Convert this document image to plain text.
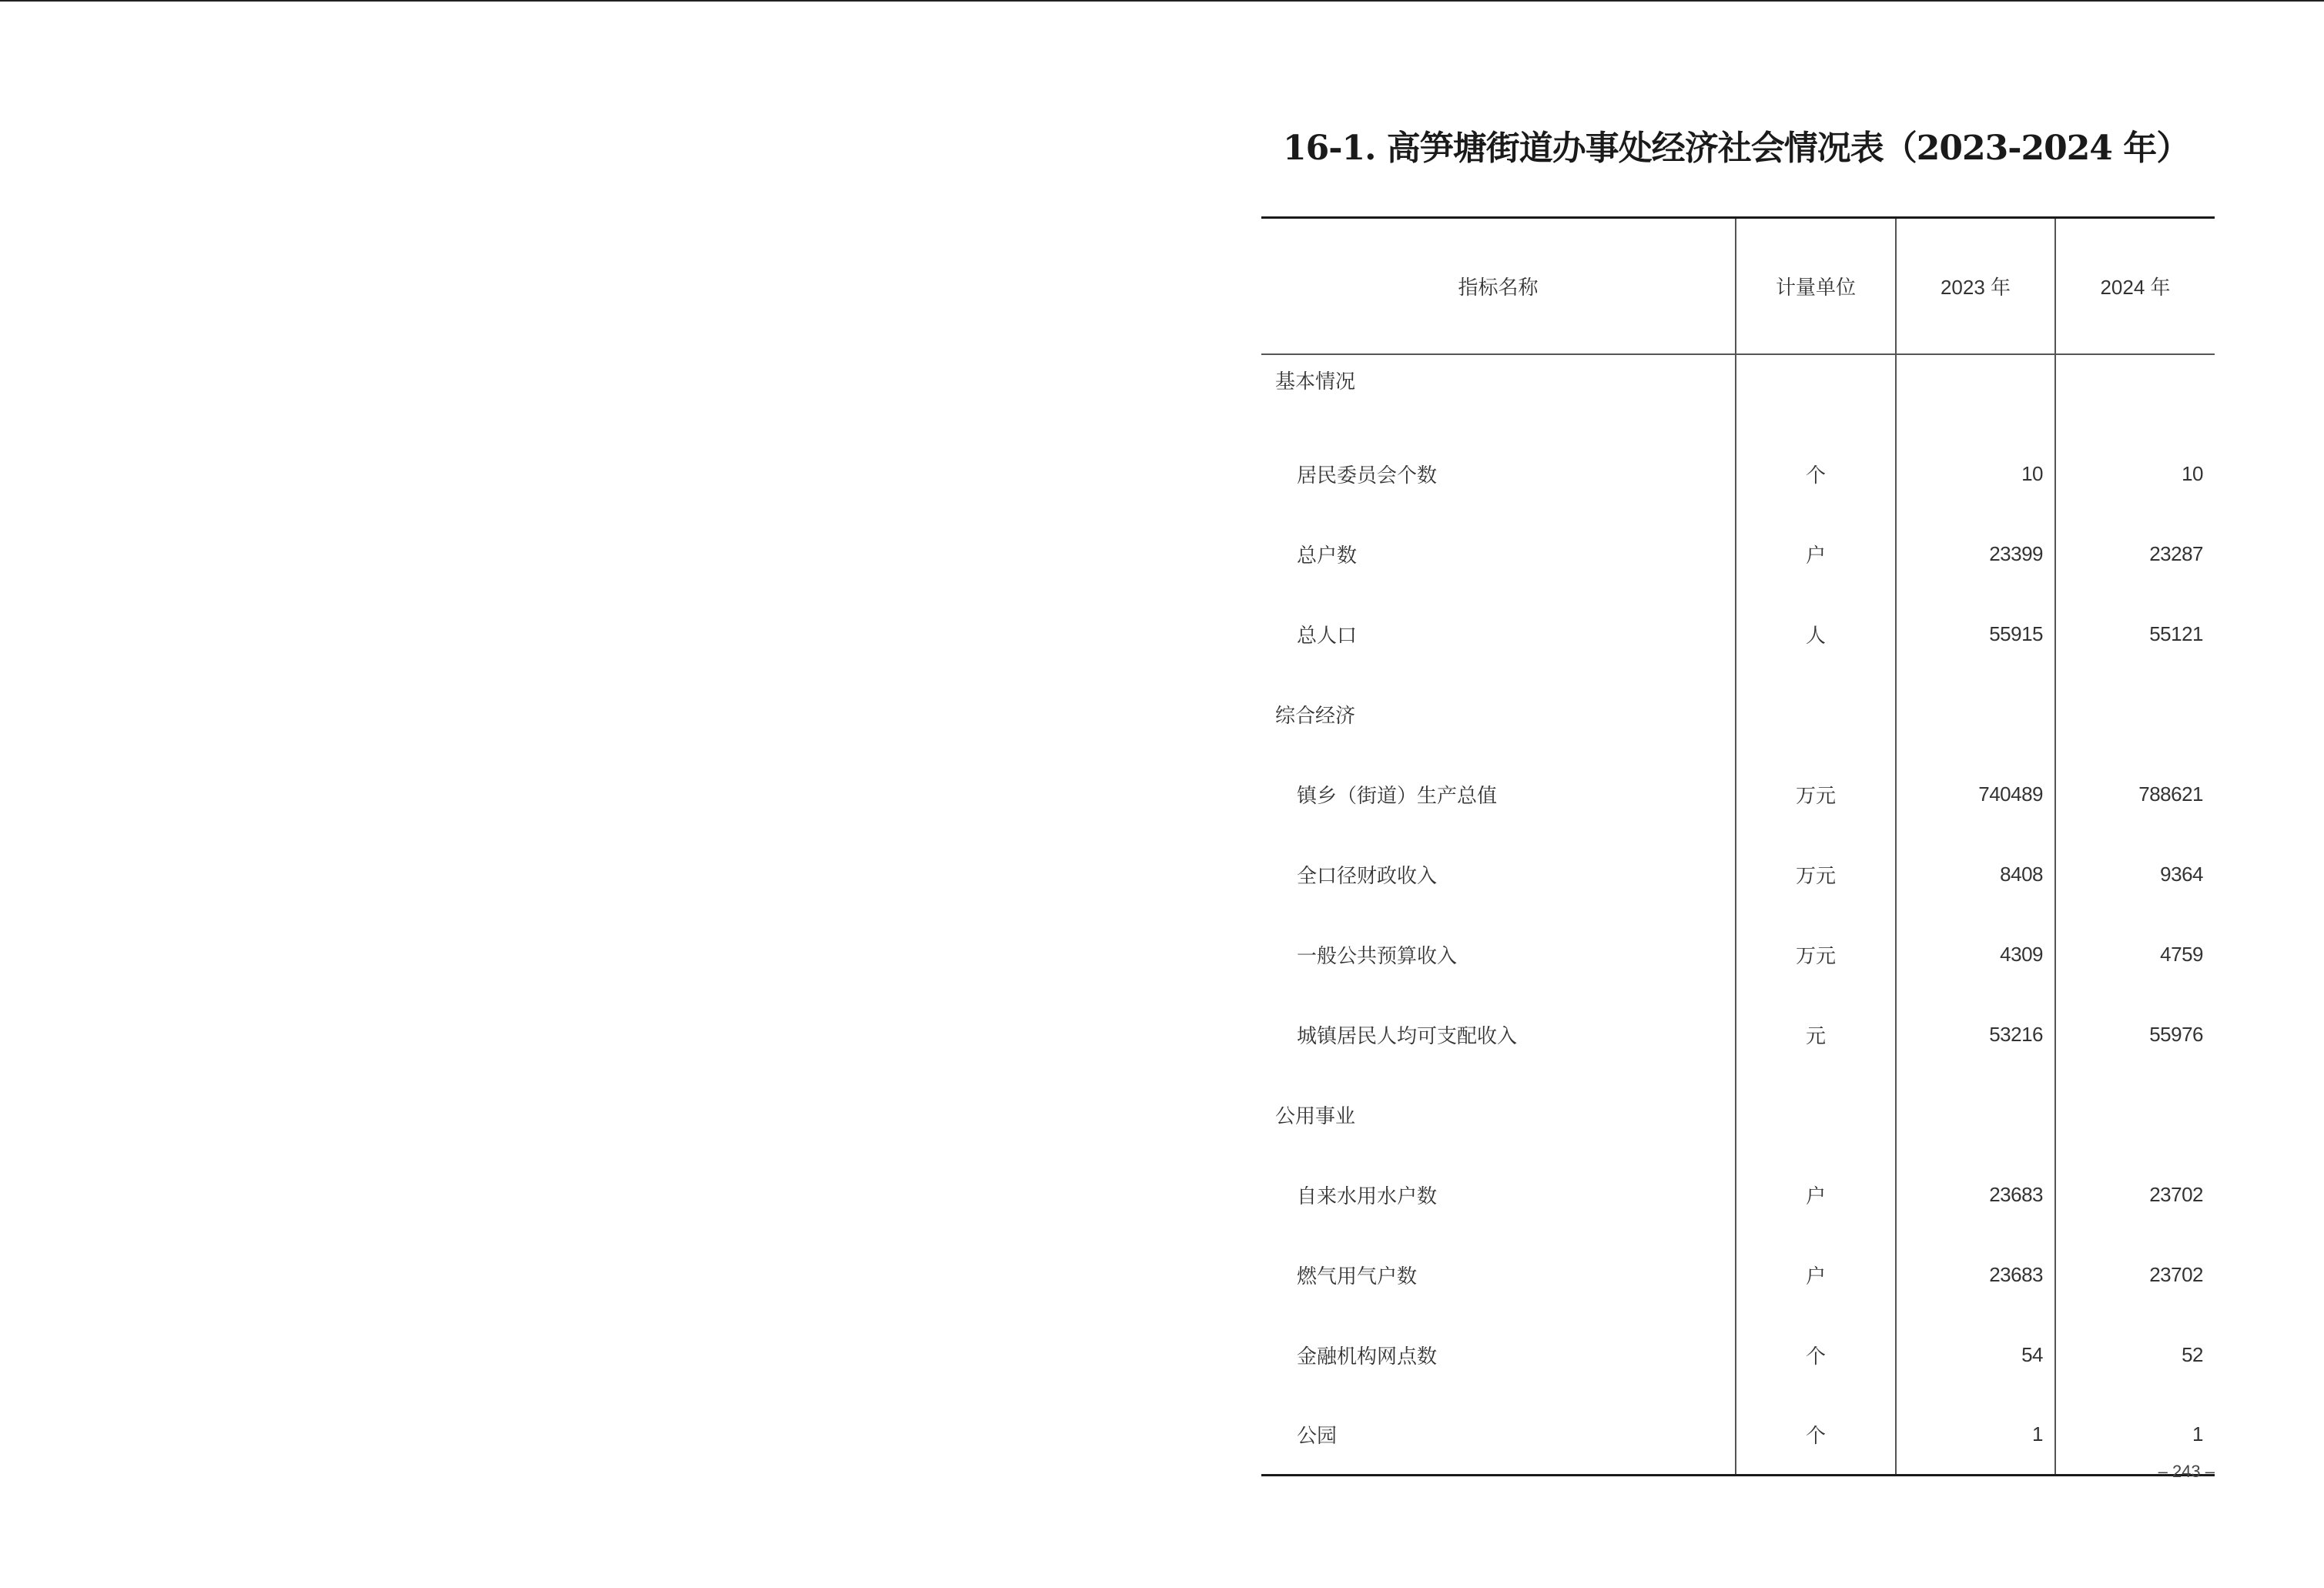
16-1. 高笋塘街道办事处经济社会情况表（2023-2024 年）
指标名称	计量单位	2023 年	2024 年
基本情况			
居民委员会个数	个	10	10
总户数	户	23399	23287
总人口	人	55915	55121
综合经济			
镇乡（街道）生产总值	万元	740489	788621
全口径财政收入	万元	8408	9364
一般公共预算收入	万元	4309	4759
城镇居民人均可支配收入	元	53216	55976
公用事业			
自来水用水户数	户	23683	23702
燃气用气户数	户	23683	23702
金融机构网点数	个	54	52
公园	个	1	1
– 243 –
